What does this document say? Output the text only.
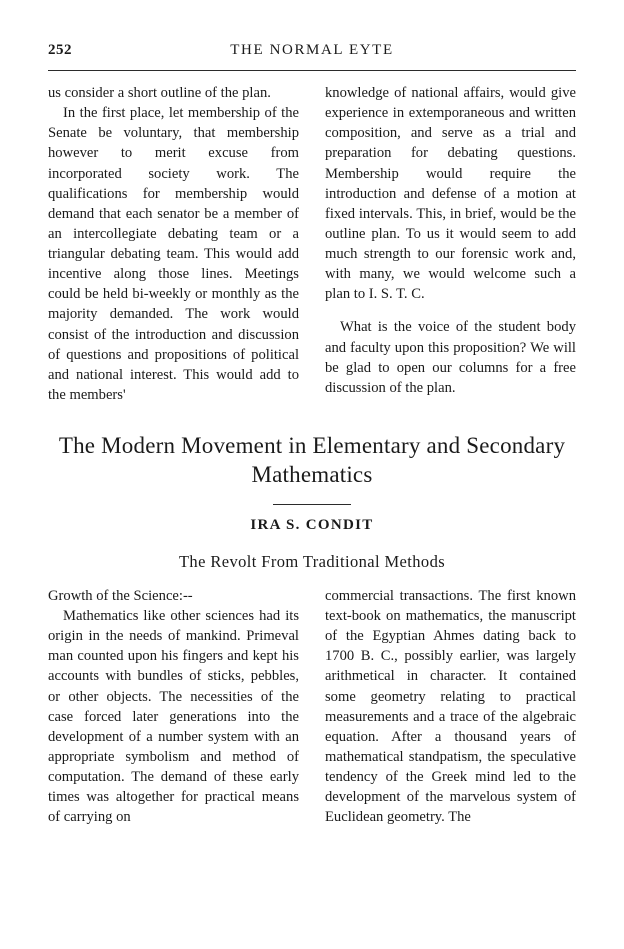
252	THE NORMAL EYTE

us consider a short outline of the plan.

In the first place, let membership of the Senate be voluntary, that membership however to merit excuse from incorporated society work. The qualifications for membership would demand that each senator be a member of an intercollegiate debating team or a triangular debating team. This would add incentive along those lines. Meetings could be held bi-weekly or monthly as the majority demanded. The work would consist of the introduction and discussion of questions and propositions of political and national interest. This would add to the members'

knowledge of national affairs, would give experience in extemporaneous and written composition, and serve as a trial and preparation for debating questions. Membership would require the introduction and defense of a motion at fixed intervals. This, in brief, would be the outline plan. To us it would seem to add much strength to our forensic work and, with many, we would welcome such a plan to I. S. T. C.

What is the voice of the student body and faculty upon this proposition? We will be glad to open our columns for a free discussion of the plan.

The Modern Movement in Elementary and Secondary Mathematics
IRA S. CONDIT
The Revolt From Traditional Methods

Growth of the Science:--

Mathematics like other sciences had its origin in the needs of mankind. Primeval man counted upon his fingers and kept his accounts with bundles of sticks, pebbles, or other objects. The necessities of the case forced later generations into the development of a number system with an appropriate symbolism and method of computation. The demand of these early times was altogether for practical means of carrying on

commercial transactions. The first known text-book on mathematics, the manuscript of the Egyptian Ahmes dating back to 1700 B. C., possibly earlier, was largely arithmetical in character. It contained some geometry relating to practical measurements and a trace of the algebraic equation. After a thousand years of mathematical standpatism, the speculative tendency of the Greek mind led to the development of the marvelous system of Euclidean geometry. The
